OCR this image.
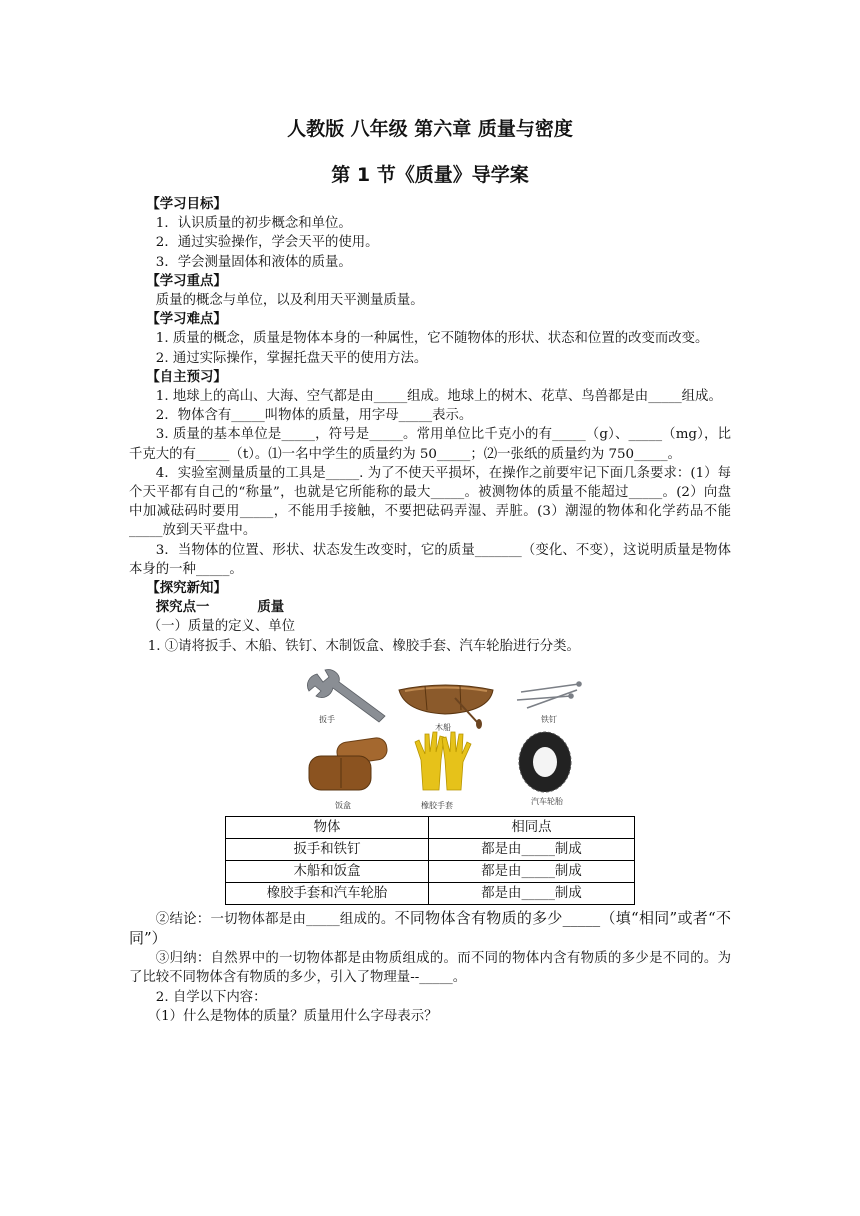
人教版 八年级 第六章 质量与密度
第 1 节《质量》导学案

【学习目标】

1．认识质量的初步概念和单位。

2．通过实验操作，学会天平的使用。

3．学会测量固体和液体的质量。

【学习重点】

质量的概念与单位，以及利用天平测量质量。

【学习难点】

1. 质量的概念，质量是物体本身的一种属性，它不随物体的形状、状态和位置的改变而改变。

2. 通过实际操作，掌握托盘天平的使用方法。

【自主预习】

1. 地球上的高山、大海、空气都是由_____组成。地球上的树木、花草、鸟兽都是由_____组成。

2．物体含有_____叫物体的质量，用字母_____表示。

3. 质量的基本单位是_____，符号是_____。常用单位比千克小的有_____（g）、_____（mg），比千克大的有_____（t）。⑴一名中学生的质量约为 50_____；⑵一张纸的质量约为 750_____。

4．实验室测量质量的工具是_____. 为了不使天平损坏，在操作之前要牢记下面几条要求：(1）每个天平都有自己的“称量”，也就是它所能称的最大_____。被测物体的质量不能超过_____。(2）向盘中加减砝码时要用_____，不能用手接触，不要把砝码弄湿、弄脏。(3）潮湿的物体和化学药品不能_____放到天平盘中。

3．当物体的位置、形状、状态发生改变时，它的质量_______（变化、不变），这说明质量是物体本身的一种_____。

【探究新知】

探究点一	质量

（一）质量的定义、单位

1. ①请将扳手、木船、铁钉、木制饭盒、橡胶手套、汽车轮胎进行分类。

扳手
木船
铁钉
饭盒	橡胶手套	汽车轮胎
物体	相同点
扳手和铁钉	都是由_____制成
木船和饭盒	都是由_____制成
橡胶手套和汽车轮胎	都是由_____制成

②结论：一切物体都是由_____组成的。不同物体含有物质的多少_____（填“相同”或者“不同”）

③归纳：自然界中的一切物体都是由物质组成的。而不同的物体内含有物质的多少是不同的。为了比较不同物体含有物质的多少，引入了物理量--_____。

2. 自学以下内容：

（1）什么是物体的质量？质量用什么字母表示？
